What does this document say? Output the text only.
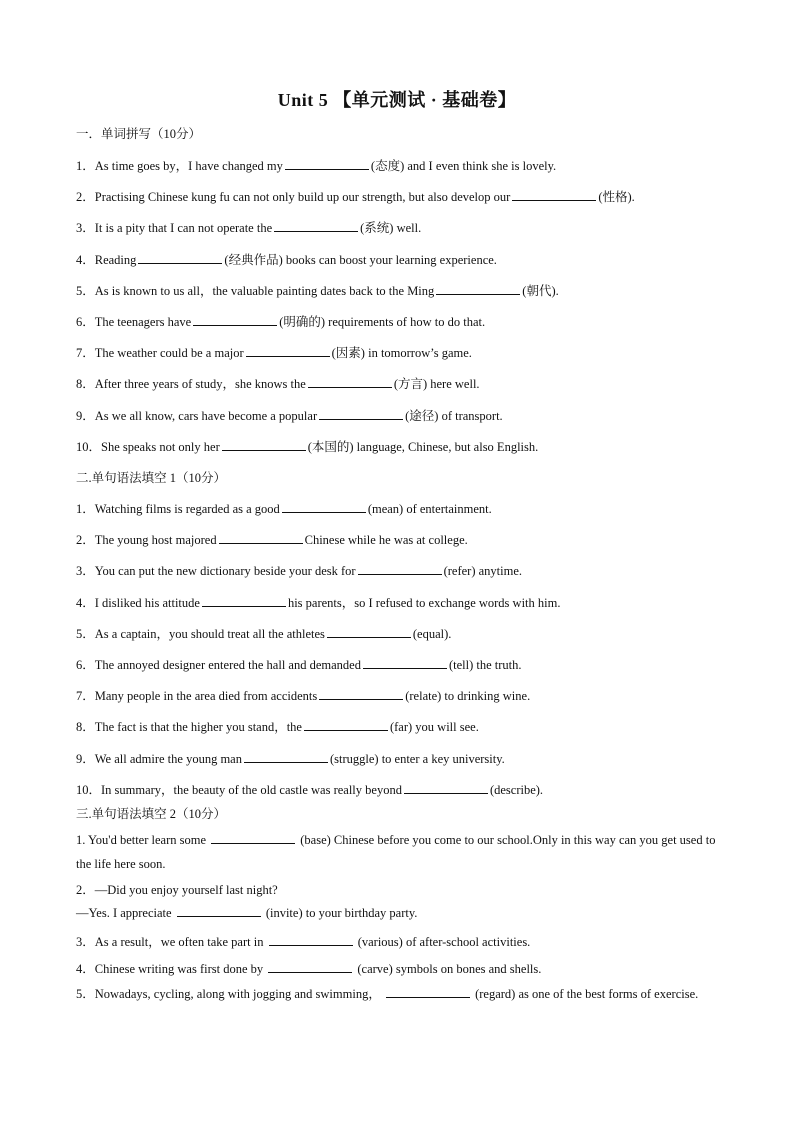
Unit 5 【单元测试 · 基础卷】
一．单词拼写（10分）
1．As time goes by，I have changed my	(态度) and I even think she is lovely.
2．Practising Chinese kung fu can not only build up our strength, but also develop our	(性格).
3．It is a pity that I can not operate the	(系统) well.
4．Reading	(经典作品) books can boost your learning experience.
5．As is known to us all，the valuable painting dates back to the Ming	(朝代).
6．The teenagers have	(明确的) requirements of how to do that.
7．The weather could be a major	(因素) in tomorrow’s game.
8．After three years of study，she knows the	(方言) here well.
9．As we all know, cars have become a popular	(途径) of transport.
10．She speaks not only her	(本国的) language, Chinese, but also English.
二.单句语法填空 1（10分）
1．Watching films is regarded as a good	(mean) of entertainment.
2．The young host majored	Chinese while he was at college.
3．You can put the new dictionary beside your desk for	(refer) anytime.
4．I disliked his attitude	his parents，so I refused to exchange words with him.
5．As a captain，you should treat all the athletes	(equal).
6．The annoyed designer entered the hall and demanded	(tell) the truth.
7．Many people in the area died from accidents	(relate) to drinking wine.
8．The fact is that the higher you stand，the	(far) you will see.
9．We all admire the young man	(struggle) to enter a key university.
10．In summary，the beauty of the old castle was really beyond	(describe).
三.单句语法填空 2（10分）
1. You'd better learn some	(base) Chinese before you come to our school.Only in this way can you get used to the life here soon.
2．—Did you enjoy yourself last night?
—Yes. I appreciate	(invite) to your birthday party.
3．As a result，we often take part in	(various) of after-school activities.
4．Chinese writing was first done by	(carve) symbols on bones and shells.
5．Nowadays, cycling, along with jogging and swimming，	(regard) as one of the best forms of exercise.
